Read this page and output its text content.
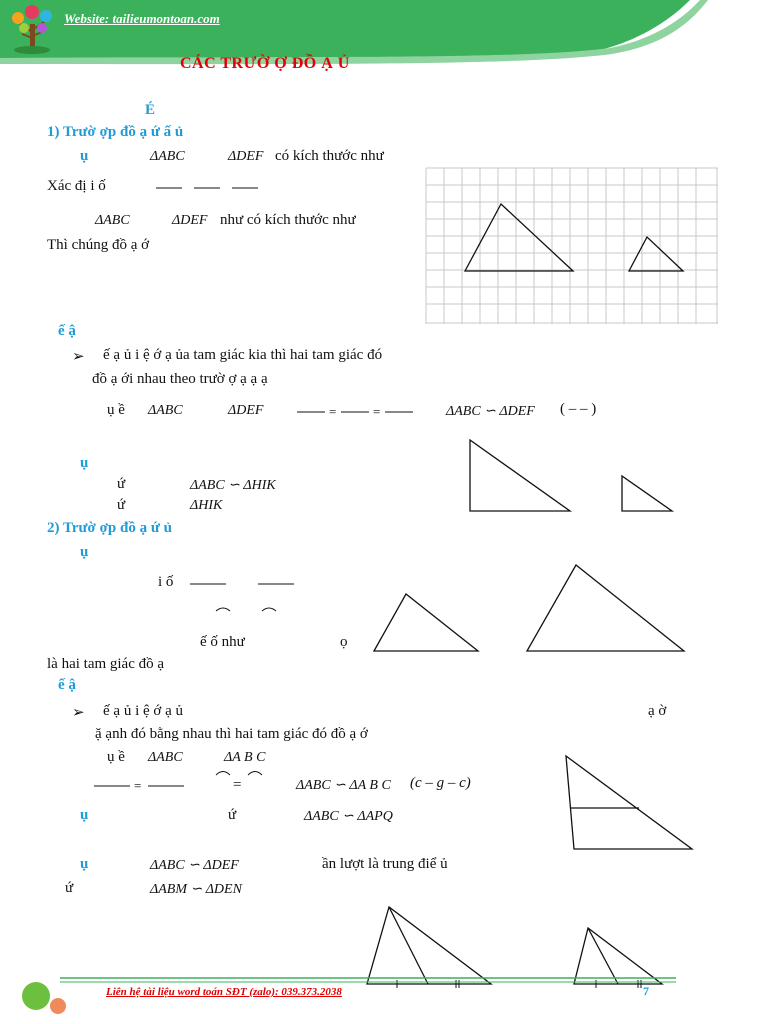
Website: tailieumontoan.com
CÁC TRƯỜ Ợ ĐỒ Ạ Ủ
É
1) Trườ ợp đồ ạ ứ ấ ủ
ụ	ΔABC	ΔDEF có kích thước như
Xác đị i ố
ΔABC	ΔDEF như có kích thước như
Thì chúng đồ ạ ớ
ế ậ
➢ ế ạ ủ i ệ ớ ạ ủa tam giác kia thì hai tam giác đó
đồ ạ ới nhau theo trườ ợ ạ ạ ạ
ụ ề ΔABC	ΔDEF	=	=	ΔABC ∽ ΔDEF ( – – )
ụ
ứ	ΔABC ∽ ΔHIK
ứ	ΔHIK
2) Trườ ợp đồ ạ ứ ủ
ụ
i ố
ế ố như	ọ
là hai tam giác đồ ạ
ế ậ
➢ ế ạ ủ i ệ ớ ạ ủ	ạ ờ
ặ ạnh đó bằng nhau thì hai tam giác đó đồ ạ ớ
ụ ề ΔABC	ΔA B C
=	=	ΔABC ∽ ΔA B C (c – g – c)
ụ	ứ	ΔABC ∽ ΔAPQ
ụ	ΔABC ∽ ΔDEF	ần lượt là trung điể ủ
ứ	ΔABM ∽ ΔDEN
Liên hệ tài liệu word toán SĐT (zalo): 039.373.2038	7
